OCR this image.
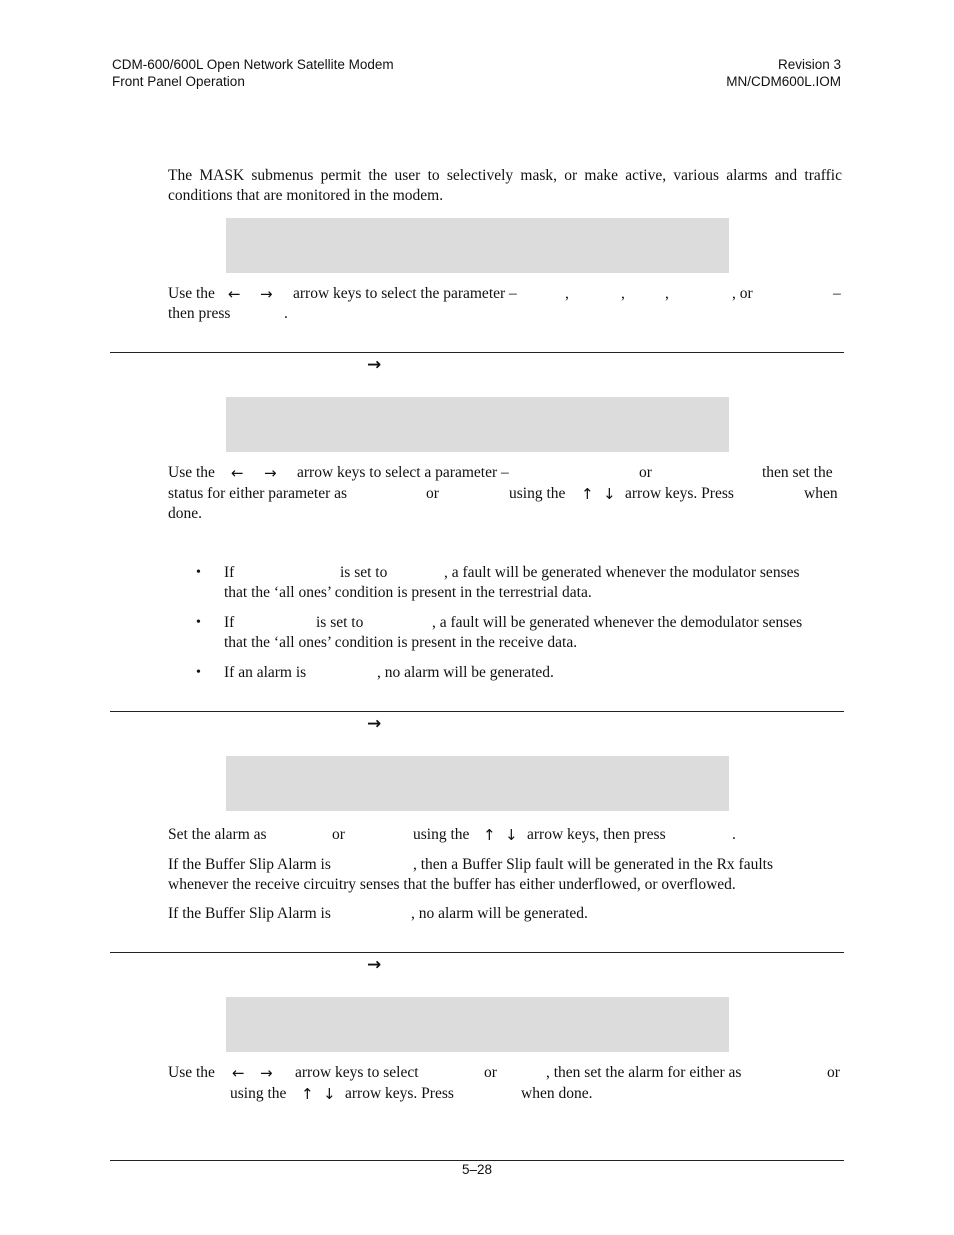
CDM-600/600L Open Network Satellite Modem
Front Panel Operation
Revision 3
MN/CDM600L.IOM
The MASK submenus permit the user to selectively mask, or make active, various alarms and traffic conditions that are monitored in the modem.
Use the ← → arrow keys to select the parameter –	,	,	,	, or	–
then press	.
→
Use the ← → arrow keys to select a parameter –	or	then set the
status for either parameter as	or	using the ↑ ↓ arrow keys. Press	when
done.
• If	is set to	, a fault will be generated whenever the modulator senses
that the ‘all ones’ condition is present in the terrestrial data.
• If	is set to	, a fault will be generated whenever the demodulator senses
that the ‘all ones’ condition is present in the receive data.
• If an alarm is	, no alarm will be generated.
→
Set the alarm as	or	using the ↑ ↓ arrow keys, then press	.
If the Buffer Slip Alarm is	, then a Buffer Slip fault will be generated in the Rx faults
whenever the receive circuitry senses that the buffer has either underflowed, or overflowed.
If the Buffer Slip Alarm is	, no alarm will be generated.
→
Use the ← → arrow keys to select	or	, then set the alarm for either as	or
using the ↑ ↓ arrow keys. Press	when done.
5–28
